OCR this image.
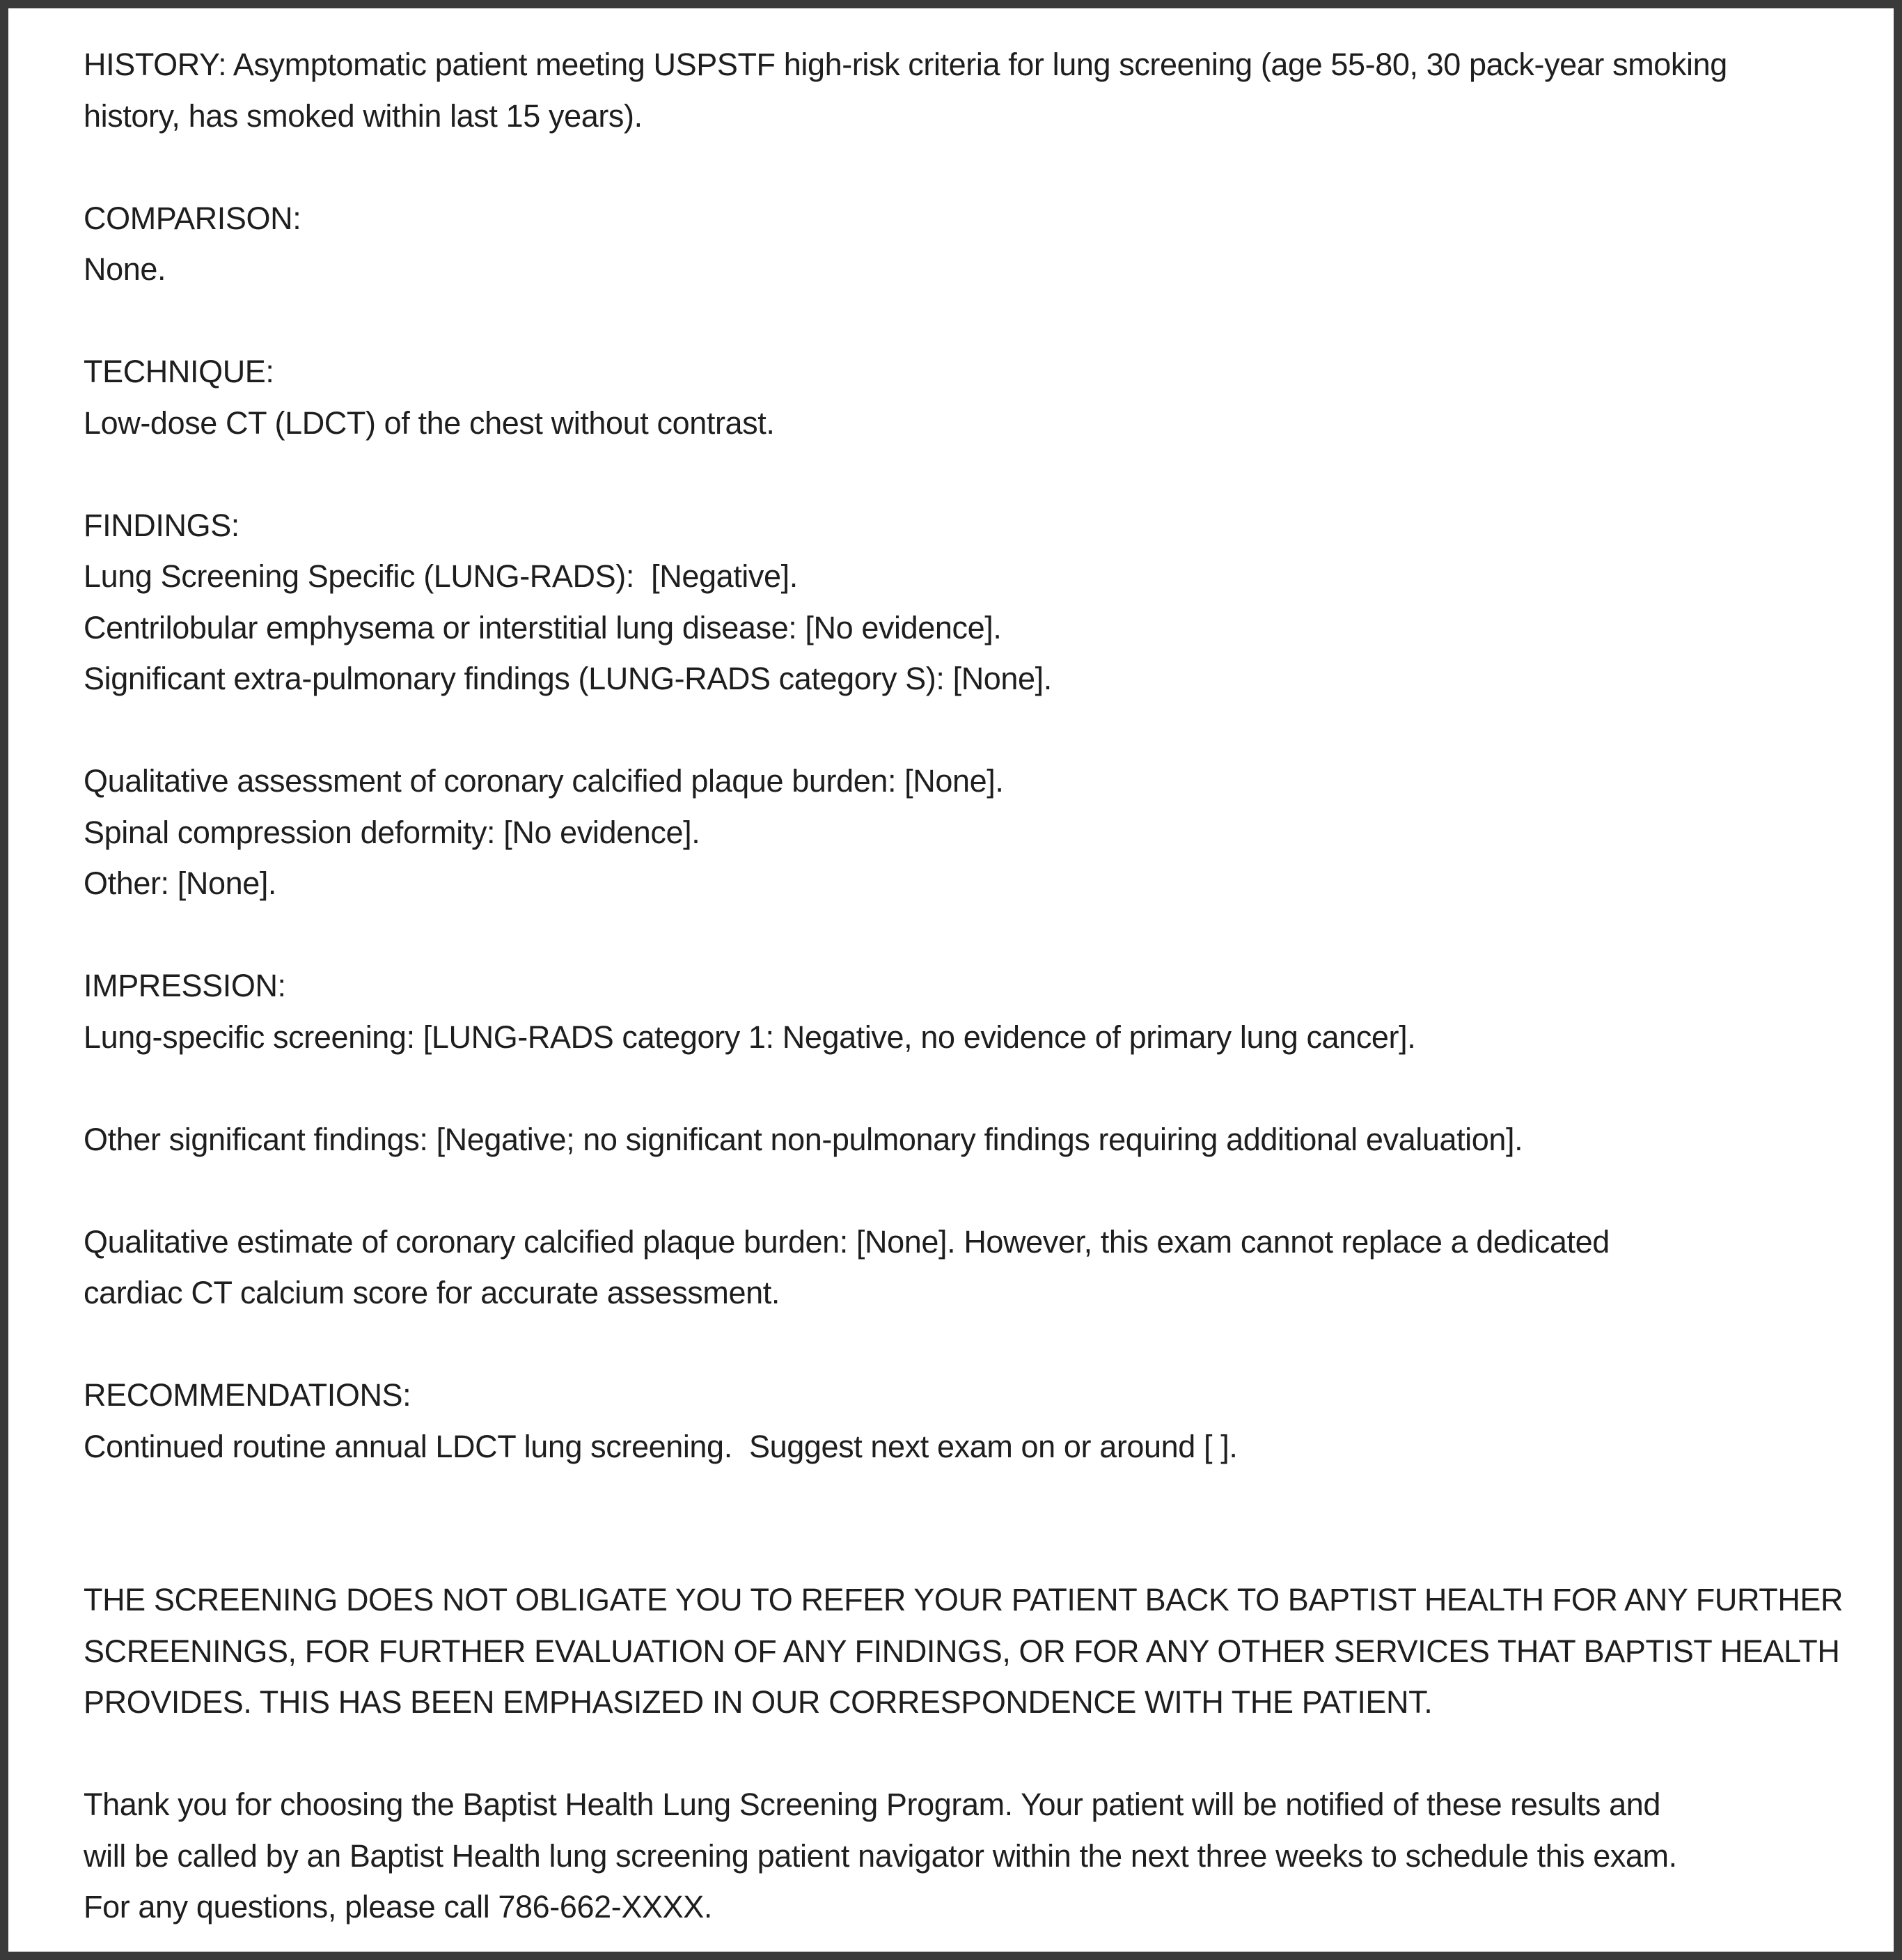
HISTORY: Asymptomatic patient meeting USPSTF high-risk criteria for lung screening (age 55-80, 30 pack-year smoking
history, has smoked within last 15 years).
COMPARISON:
None.
TECHNIQUE:
Low-dose CT (LDCT) of the chest without contrast.
FINDINGS:
Lung Screening Specific (LUNG-RADS):  [Negative].
Centrilobular emphysema or interstitial lung disease: [No evidence].
Significant extra-pulmonary findings (LUNG-RADS category S): [None].
Qualitative assessment of coronary calcified plaque burden: [None].
Spinal compression deformity: [No evidence].
Other: [None].
IMPRESSION:
Lung-specific screening: [LUNG-RADS category 1: Negative, no evidence of primary lung cancer].
Other significant findings: [Negative; no significant non-pulmonary findings requiring additional evaluation].
Qualitative estimate of coronary calcified plaque burden: [None]. However, this exam cannot replace a dedicated
cardiac CT calcium score for accurate assessment.
RECOMMENDATIONS:
Continued routine annual LDCT lung screening.  Suggest next exam on or around [ ].
THE SCREENING DOES NOT OBLIGATE YOU TO REFER YOUR PATIENT BACK TO BAPTIST HEALTH FOR ANY FURTHER
SCREENINGS, FOR FURTHER EVALUATION OF ANY FINDINGS, OR FOR ANY OTHER SERVICES THAT BAPTIST HEALTH
PROVIDES. THIS HAS BEEN EMPHASIZED IN OUR CORRESPONDENCE WITH THE PATIENT.
Thank you for choosing the Baptist Health Lung Screening Program. Your patient will be notified of these results and
will be called by an Baptist Health lung screening patient navigator within the next three weeks to schedule this exam.
For any questions, please call 786-662-XXXX.
